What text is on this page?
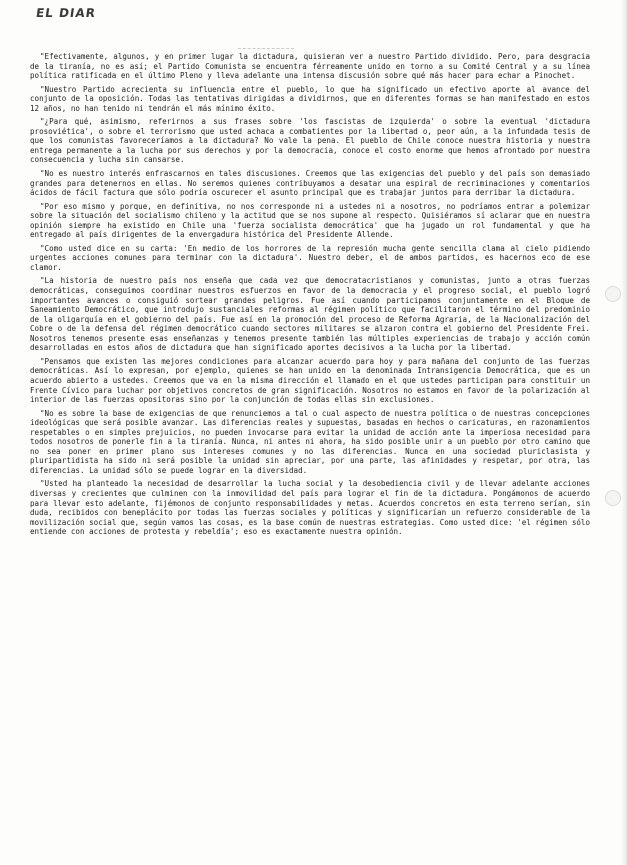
EL DIAR

"Efectivamente, algunos, y en primer lugar la dictadura, quisieran ver a nuestro Partido dividido. Pero, para desgracia de la tiranía, no es así; el Partido Comunista se encuentra férreamente unido en torno a su Comité Central y a su línea política ratificada en el último Pleno y lleva adelante una intensa discusión sobre qué más hacer para echar a Pinochet.

"Nuestro Partido acrecienta su influencia entre el pueblo, lo que ha significado un efectivo aporte al avance del conjunto de la oposición. Todas las tentativas dirigidas a dividirnos, que en diferentes formas se han manifestado en estos 12 años, no han tenido ni tendrán el más mínimo éxito.

"¿Para qué, asimismo, referirnos a sus frases sobre 'los fascistas de izquierda' o sobre la eventual 'dictadura prosoviética', o sobre el terrorismo que usted achaca a combatientes por la libertad o, peor aún, a la infundada tesis de que los comunistas favoreceríamos a la dictadura? No vale la pena. El pueblo de Chile conoce nuestra historia y nuestra entrega permanente a la lucha por sus derechos y por la democracia, conoce el costo enorme que hemos afrontado por nuestra consecuencia y lucha sin cansarse.

"No es nuestro interés enfrascarnos en tales discusiones. Creemos que las exigencias del pueblo y del país son demasiado grandes para detenernos en ellas. No seremos quienes contribuyamos a desatar una espiral de recriminaciones y comentarios ácidos de fácil factura que sólo podría oscurecer el asunto principal que es trabajar juntos para derribar la dictadura.

"Por eso mismo y porque, en definitiva, no nos corresponde ni a ustedes ni a nosotros, no podríamos entrar a polemizar sobre la situación del socialismo chileno y la actitud que se nos supone al respecto. Quisiéramos sí aclarar que en nuestra opinión siempre ha existido en Chile una 'fuerza socialista democrática' que ha jugado un rol fundamental y que ha entregado al país dirigentes de la envergadura histórica del Presidente Allende.

"Como usted dice en su carta: 'En medio de los horrores de la represión mucha gente sencilla clama al cielo pidiendo urgentes acciones comunes para terminar con la dictadura'. Nuestro deber, el de ambos partidos, es hacernos eco de ese clamor.

"La historia de nuestro país nos enseña que cada vez que democratacristianos y comunistas, junto a otras fuerzas democráticas, conseguimos coordinar nuestros esfuerzos en favor de la democracia y el progreso social, el pueblo logró importantes avances o consiguió sortear grandes peligros. Fue así cuando participamos conjuntamente en el Bloque de Saneamiento Democrático, que introdujo sustanciales reformas al régimen político que facilitaron el término del predominio de la oligarquía en el gobierno del país. Fue así en la promoción del proceso de Reforma Agraria, de la Nacionalización del Cobre o de la defensa del régimen democrático cuando sectores militares se alzaron contra el gobierno del Presidente Frei. Nosotros tenemos presente esas enseñanzas y tenemos presente también las múltiples experiencias de trabajo y acción común desarrolladas en estos años de dictadura que han significado aportes decisivos a la lucha por la libertad.

"Pensamos que existen las mejores condiciones para alcanzar acuerdo para hoy y para mañana del conjunto de las fuerzas democráticas. Así lo expresan, por ejemplo, quienes se han unido en la denominada Intransigencia Democrática, que es un acuerdo abierto a ustedes. Creemos que va en la misma dirección el llamado en el que ustedes participan para constituir un Frente Cívico para luchar por objetivos concretos de gran significación. Nosotros no estamos en favor de la polarización al interior de las fuerzas opositoras sino por la conjunción de todas ellas sin exclusiones.

"No es sobre la base de exigencias de que renunciemos a tal o cual aspecto de nuestra política o de nuestras concepciones ideológicas que será posible avanzar. Las diferencias reales y supuestas, basadas en hechos o caricaturas, en razonamientos respetables o en simples prejuicios, no pueden invocarse para evitar la unidad de acción ante la imperiosa necesidad para todos nosotros de ponerle fin a la tiranía. Nunca, ni antes ni ahora, ha sido posible unir a un pueblo por otro camino que no sea poner en primer plano sus intereses comunes y no las diferencias. Nunca en una sociedad pluriclasista y pluripartidista ha sido ni será posible la unidad sin apreciar, por una parte, las afinidades y respetar, por otra, las diferencias. La unidad sólo se puede lograr en la diversidad.

"Usted ha planteado la necesidad de desarrollar la lucha social y la desobediencia civil y de llevar adelante acciones diversas y crecientes que culminen con la inmovilidad del país para lograr el fin de la dictadura. Pongámonos de acuerdo para llevar esto adelante, fijémonos de conjunto responsabilidades y metas. Acuerdos concretos en esta terreno serían, sin duda, recibidos con beneplácito por todas las fuerzas sociales y políticas y significarían un refuerzo considerable de la movilización social que, según vamos las cosas, es la base común de nuestras estrategias. Como usted dice: 'el régimen sólo entiende con acciones de protesta y rebeldía'; eso es exactamente nuestra opinión.
